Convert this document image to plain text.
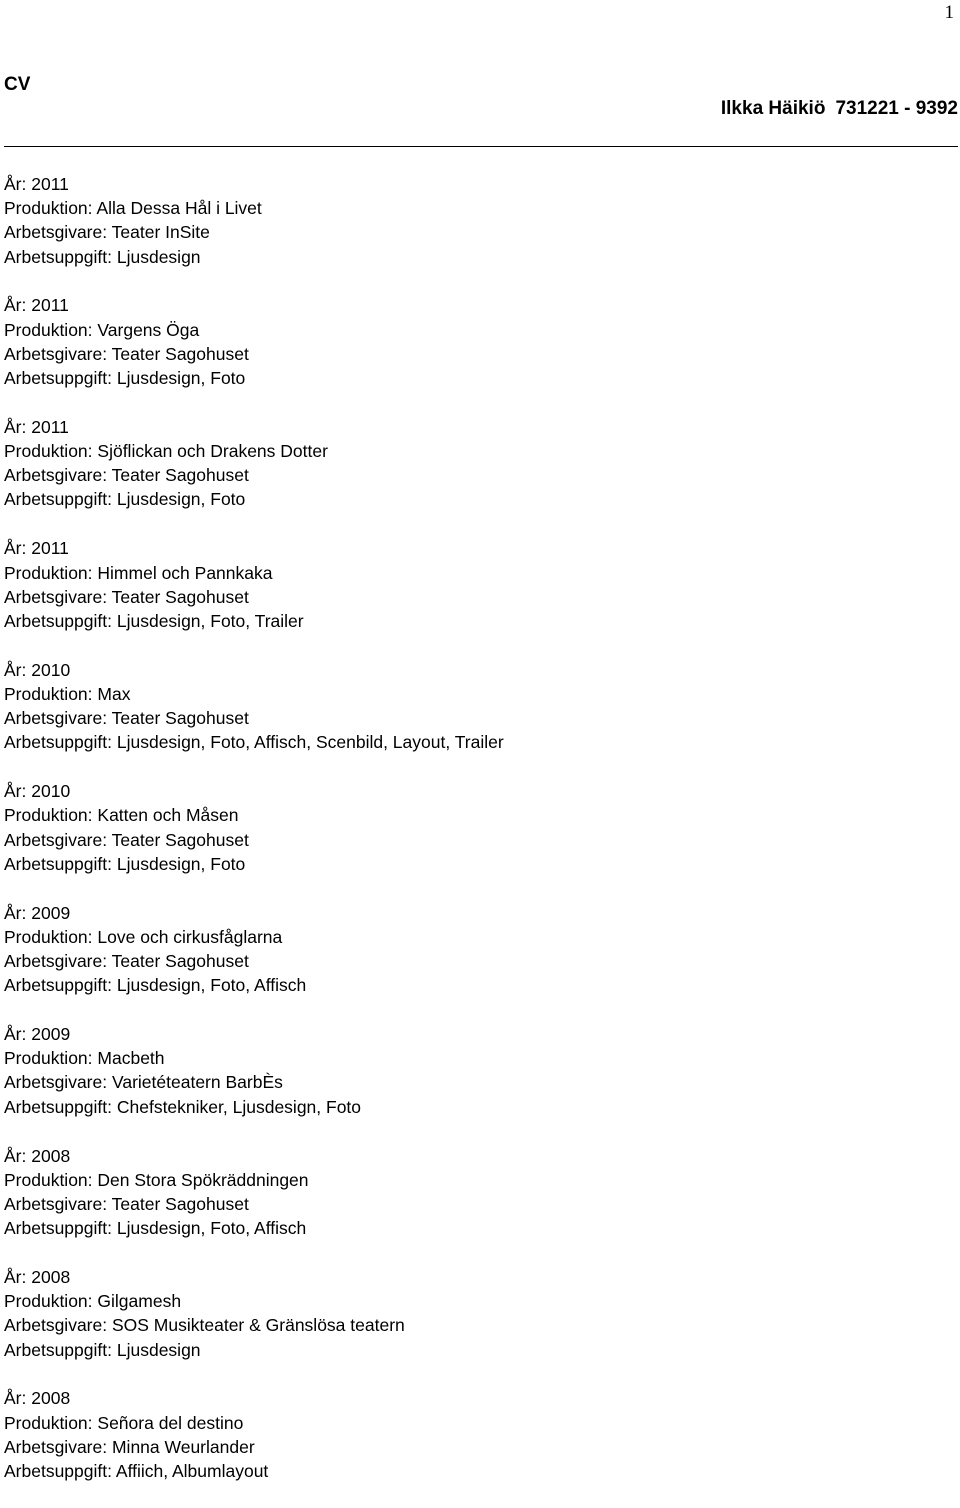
1
CV
Ilkka Häikiö 731221 - 9392
År: 2011
Produktion: Alla Dessa Hål i Livet
Arbetsgivare: Teater InSite
Arbetsuppgift: Ljusdesign
År: 2011
Produktion: Vargens Öga
Arbetsgivare: Teater Sagohuset
Arbetsuppgift: Ljusdesign, Foto
År: 2011
Produktion: Sjöflickan och Drakens Dotter
Arbetsgivare: Teater Sagohuset
Arbetsuppgift: Ljusdesign, Foto
År: 2011
Produktion: Himmel och Pannkaka
Arbetsgivare: Teater Sagohuset
Arbetsuppgift: Ljusdesign, Foto, Trailer
År: 2010
Produktion: Max
Arbetsgivare: Teater Sagohuset
Arbetsuppgift: Ljusdesign, Foto, Affisch, Scenbild, Layout, Trailer
År: 2010
Produktion: Katten och Måsen
Arbetsgivare: Teater Sagohuset
Arbetsuppgift: Ljusdesign, Foto
År: 2009
Produktion: Love och cirkusfåglarna
Arbetsgivare: Teater Sagohuset
Arbetsuppgift: Ljusdesign, Foto, Affisch
År: 2009
Produktion: Macbeth
Arbetsgivare: Varietéteatern BarbÈs
Arbetsuppgift: Chefstekniker, Ljusdesign, Foto
År: 2008
Produktion: Den Stora Spökräddningen
Arbetsgivare: Teater Sagohuset
Arbetsuppgift: Ljusdesign, Foto, Affisch
År: 2008
Produktion: Gilgamesh
Arbetsgivare: SOS Musikteater & Gränslösa teatern
Arbetsuppgift: Ljusdesign
År: 2008
Produktion: Señora del destino
Arbetsgivare: Minna Weurlander
Arbetsuppgift: Affiich, Albumlayout
